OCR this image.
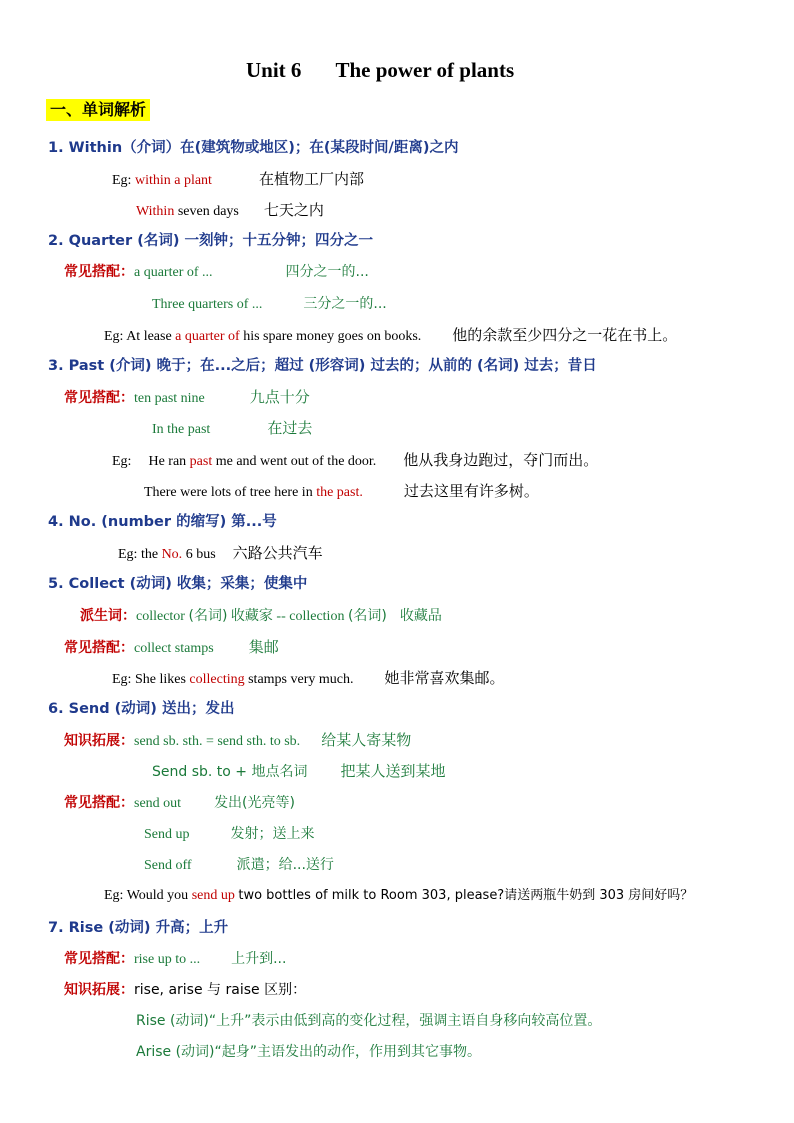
Unit 6 The power of plants
一、单词解析
1. Within（介词）在(建筑物或地区)；在(某段时间/距离)之内
Eg: within a plant	在植物工厂内部
Within seven days 七天之内
2. Quarter (名词) 一刻钟；十五分钟；四分之一
常见搭配：a quarter of ...	四分之一的...
Three quarters of ...	三分之一的...
Eg: At lease a quarter of his spare money goes on books. 他的余款至少四分之一花在书上。
3. Past (介词) 晚于；在...之后；超过 (形容词) 过去的；从前的 (名词) 过去；昔日
常见搭配：ten past nine	九点十分
In the past	在过去
Eg: He ran past me and went out of the door. 他从我身边跑过，夺门而出。
There were lots of tree here in the past.	过去这里有许多树。
4. No. (number 的缩写) 第...号
Eg: the No. 6 bus 六路公共汽车
5. Collect (动词) 收集；采集；使集中
派生词：collector (名词) 收藏家 -- collection (名词) 收藏品
常见搭配：collect stamps 集邮
Eg: She likes collecting stamps very much. 她非常喜欢集邮。
6. Send (动词) 送出；发出
知识拓展：send sb. sth. = send sth. to sb. 给某人寄某物
Send sb. to + 地点名词 把某人送到某地
常见搭配：send out 发出(光亮等)
Send up	发射；送上来
Send off	派遣；给...送行
Eg: Would you send up two bottles of milk to Room 303, please?请送两瓶牛奶到 303 房间好吗？
7. Rise (动词) 升高；上升
常见搭配：rise up to ... 上升到...
知识拓展：rise, arise 与 raise 区别：
Rise (动词)“上升”表示由低到高的变化过程，强调主语自身移向较高位置。
Arise (动词)“起身”主语发出的动作，作用到其它事物。
